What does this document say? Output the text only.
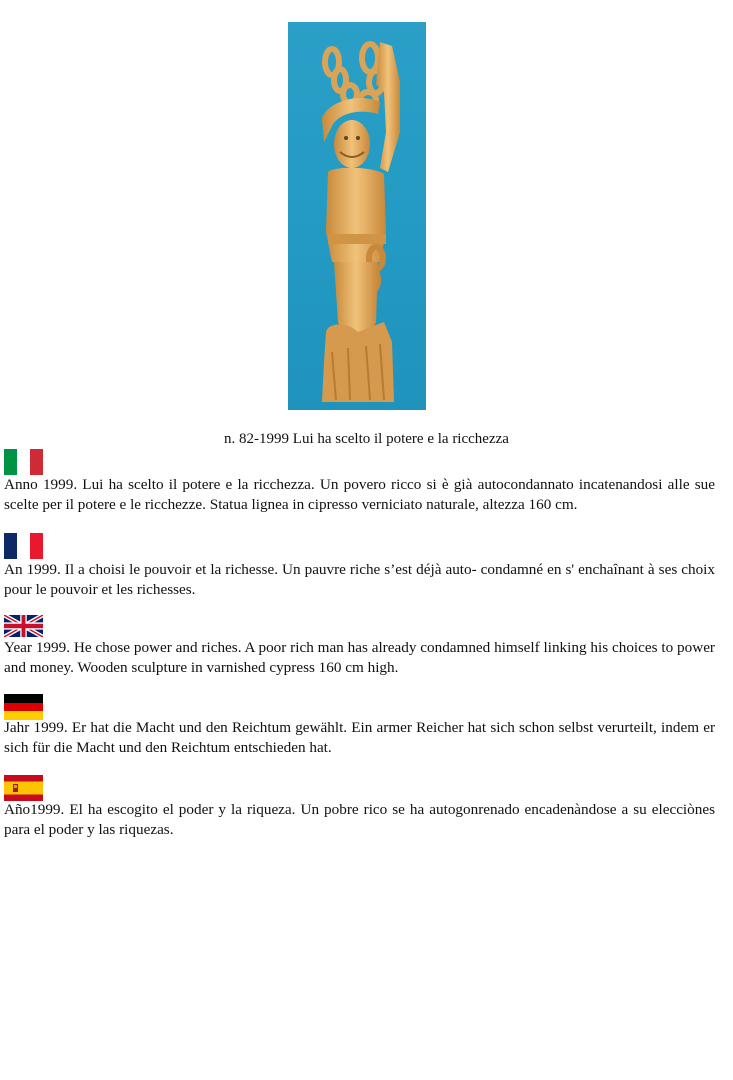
n. 82-1999 Lui ha scelto il potere e la ricchezza

Anno 1999. Lui ha scelto il potere e la ricchezza. Un povero ricco si è già autocondannato incatenandosi alle sue scelte per il potere e le ricchezze. Statua lignea in cipresso verniciato naturale, altezza 160 cm.

An 1999. Il a choisi le pouvoir et la richesse. Un pauvre riche s’est déjà auto- condamné en s' enchaînant à ses choix pour le pouvoir et les richesses.

Year 1999. He chose power and riches. A poor rich man has already condamned himself linking his choices to power and money. Wooden sculpture in varnished cypress 160 cm high.

Jahr 1999. Er hat die Macht und den Reichtum gewählt. Ein armer Reicher hat sich schon selbst verurteilt, indem er sich für die Macht und den Reichtum entschieden hat.

Año1999. El ha escogito el poder y la riqueza. Un pobre rico se ha autogonrenado encadenàndose a su elecciònes para el poder y las riquezas.
